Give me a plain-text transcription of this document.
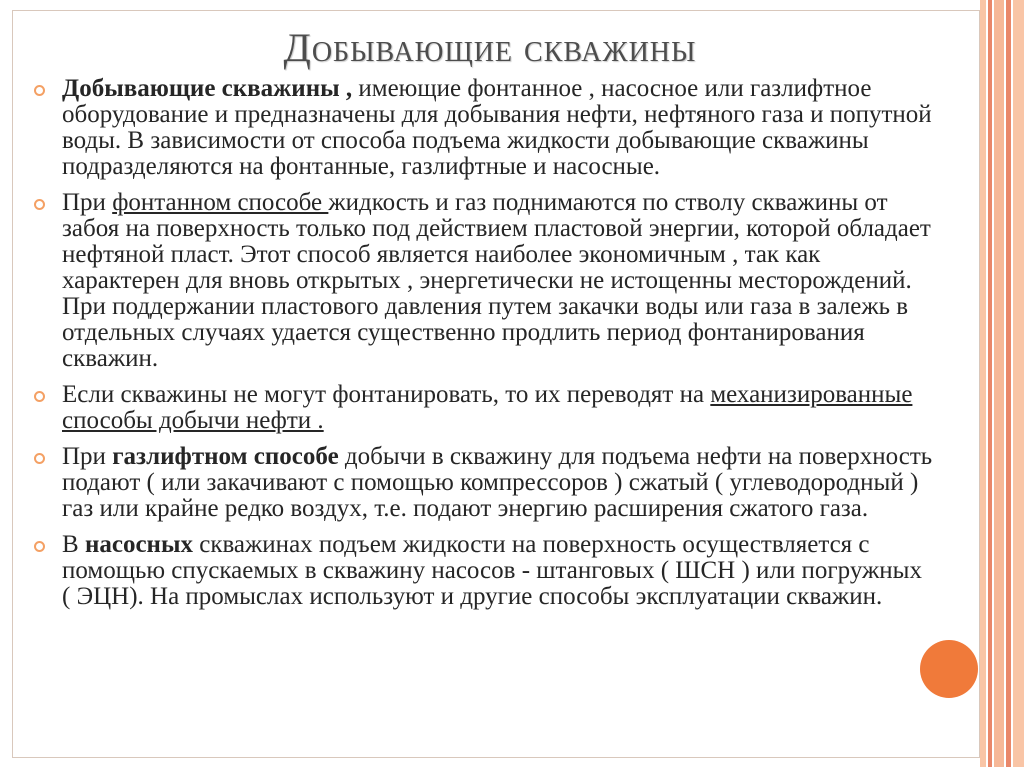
Добывающие скважины

Добывающие скважины , имеющие фонтанное , насосное или газлифтное оборудование и предназначены для добывания нефти, нефтяного газа и попутной воды. В зависимости от способа подъема жидкости добывающие скважины подразделяются на фонтанные, газлифтные и насосные.

При фонтанном способе жидкость и газ поднимаются по стволу скважины от забоя на поверхность только под действием пластовой энергии, которой обладает нефтяной пласт. Этот способ является наиболее экономичным , так как характерен для вновь открытых , энергетически не истощенны месторождений. При поддержании пластового давления путем закачки воды или газа в залежь в отдельных случаях удается существенно продлить период фонтанирования скважин.

Если скважины не могут фонтанировать, то их переводят на механизированные способы добычи нефти .

При газлифтном способе добычи в скважину для подъема нефти на поверхность подают ( или закачивают с помощью компрессоров ) сжатый ( углеводородный ) газ или крайне редко воздух, т.е. подают энергию расширения сжатого газа.

В насосных скважинах подъем жидкости на поверхность осуществляется с помощью спускаемых в скважину насосов - штанговых ( ШСН ) или погружных ( ЭЦН). На промыслах используют и другие способы эксплуатации скважин.
